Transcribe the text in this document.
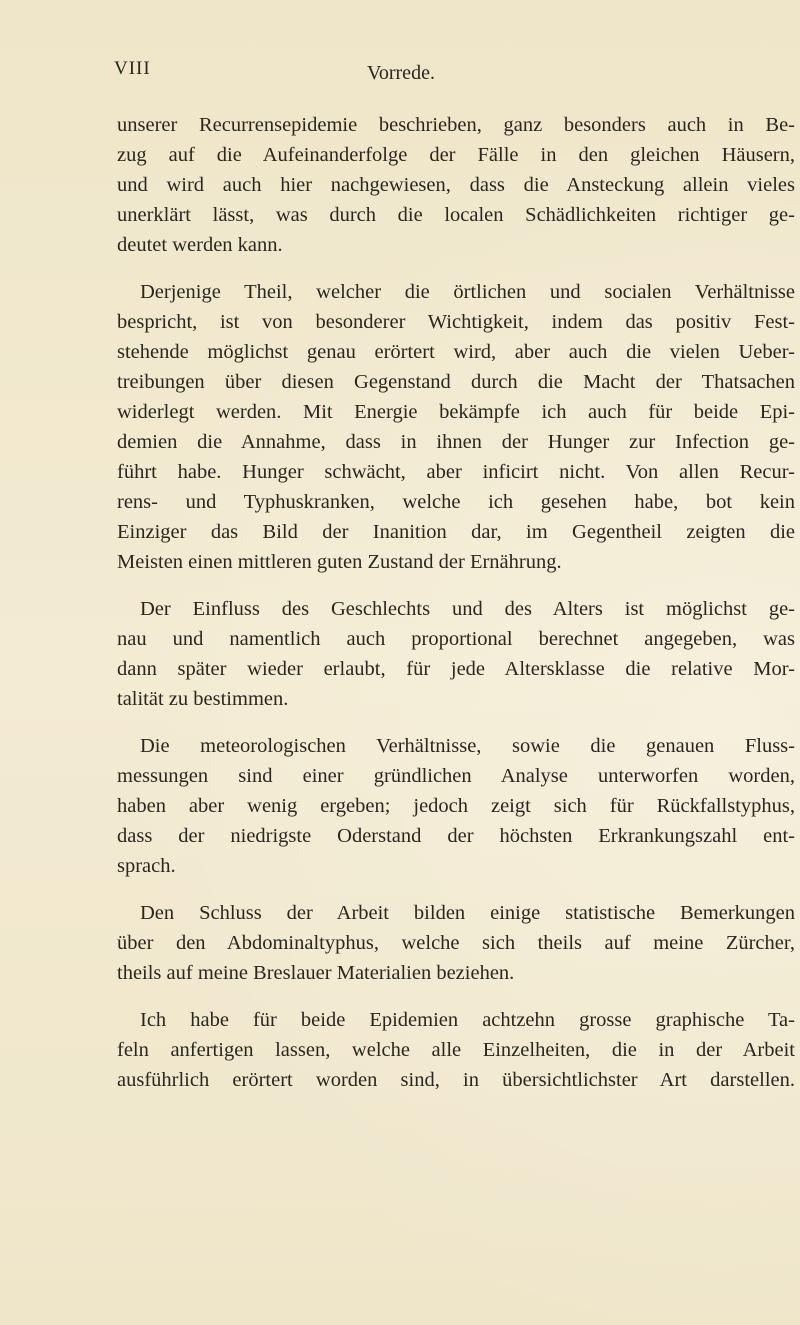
VIII	Vorrede.

unserer Recurrensepidemie beschrieben, ganz besonders auch in Be-
zug auf die Aufeinanderfolge der Fälle in den gleichen Häusern,
und wird auch hier nachgewiesen, dass die Ansteckung allein vieles
unerklärt lässt, was durch die localen Schädlichkeiten richtiger ge-
deutet werden kann.

Derjenige Theil, welcher die örtlichen und socialen Verhältnisse
bespricht, ist von besonderer Wichtigkeit, indem das positiv Fest-
stehende möglichst genau erörtert wird, aber auch die vielen Ueber-
treibungen über diesen Gegenstand durch die Macht der Thatsachen
widerlegt werden. Mit Energie bekämpfe ich auch für beide Epi-
demien die Annahme, dass in ihnen der Hunger zur Infection ge-
führt habe. Hunger schwächt, aber inficirt nicht. Von allen Recur-
rens- und Typhuskranken, welche ich gesehen habe, bot kein
Einziger das Bild der Inanition dar, im Gegentheil zeigten die
Meisten einen mittleren guten Zustand der Ernährung.

Der Einfluss des Geschlechts und des Alters ist möglichst ge-
nau und namentlich auch proportional berechnet angegeben, was
dann später wieder erlaubt, für jede Altersklasse die relative Mor-
talität zu bestimmen.

Die meteorologischen Verhältnisse, sowie die genauen Fluss-
messungen sind einer gründlichen Analyse unterworfen worden,
haben aber wenig ergeben; jedoch zeigt sich für Rückfallstyphus,
dass der niedrigste Oderstand der höchsten Erkrankungszahl ent-
sprach.

Den Schluss der Arbeit bilden einige statistische Bemerkungen
über den Abdominaltyphus, welche sich theils auf meine Zürcher,
theils auf meine Breslauer Materialien beziehen.

Ich habe für beide Epidemien achtzehn grosse graphische Ta-
feln anfertigen lassen, welche alle Einzelheiten, die in der Arbeit
ausführlich erörtert worden sind, in übersichtlichster Art darstellen.
